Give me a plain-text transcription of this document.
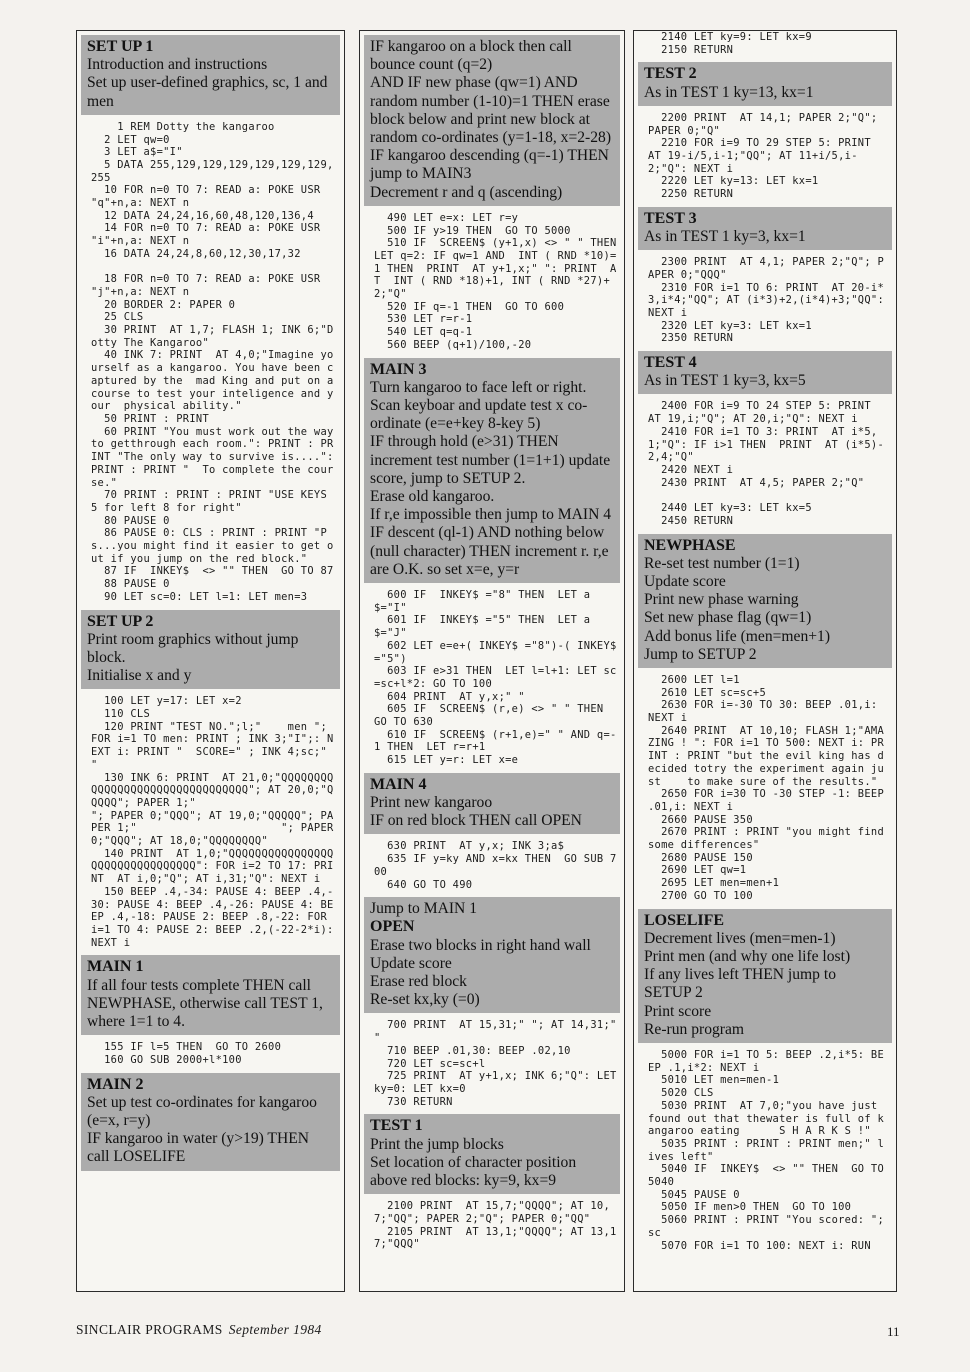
SET UP 1
Introduction and instructions
Set up user-defined graphics, sc, 1 and men
1 REM Dotty the kangaroo
2 LET qw=0
3 LET a$="I"
5 DATA 255,129,129,129,129,129,129,255
10 FOR n=0 TO 7: READ a: POKE USR "q"+n,a: NEXT n
12 DATA 24,24,16,60,48,120,136,4
14 FOR n=0 TO 7: READ a: POKE USR "i"+n,a: NEXT n
16 DATA 24,24,8,60,12,30,17,32

18 FOR n=0 TO 7: READ a: POKE USR "j"+n,a: NEXT n
20 BORDER 2: PAPER 0
25 CLS
30 PRINT  AT 1,7; FLASH 1; INK 6;"Dotty The Kangaroo"
40 INK 7: PRINT  AT 4,0;"Imagine yourself as a kangaroo. You have been captured by the  mad King and put on a course to test your inteligence and your  physical ability."
50 PRINT : PRINT
60 PRINT "You must work out the way to getthrough each room.": PRINT : PRINT "The only way to survive is....": PRINT : PRINT "  To complete the course."
70 PRINT : PRINT : PRINT "USE KEYS 5 for left 8 for right"
80 PAUSE 0
86 PAUSE 0: CLS : PRINT : PRINT "Ps...you might find it easier to get out if you jump on the red block."
87 IF  INKEY$  <> "" THEN  GO TO 87
88 PAUSE 0
90 LET sc=0: LET l=1: LET men=3
SET UP 2
Print room graphics without jump block.
Initialise x and y
100 LET y=17: LET x=2
110 CLS
120 PRINT "TEST NO.";l;"    men "; FOR i=1 TO men: PRINT ; INK 3;"I";: NEXT i: PRINT "  SCORE=" ; INK 4;sc;"  "
130 INK 6: PRINT  AT 21,0;"QQQQQQQQQQQQQQQQQQQQQQQQQQQQQQQQ"; AT 20,0;"QQQQQ"; PAPER 1;"                      "; PAPER 0;"QQQ"; AT 19,0;"QQQQQ"; PAPER 1;"                      "; PAPER 0;"QQQ"; AT 18,0;"QQQQQQQQ"
140 PRINT  AT 1,0;"QQQQQQQQQQQQQQQQQQQQQQQQQQQQQQQQ": FOR i=2 TO 17: PRINT  AT i,0;"Q"; AT i,31;"Q": NEXT i
150 BEEP .4,-34: PAUSE 4: BEEP .4,-30: PAUSE 4: BEEP .4,-26: PAUSE 4: BEEP .4,-18: PAUSE 2: BEEP .8,-22: FOR i=1 TO 4: PAUSE 2: BEEP .2,(-22-2*i): NEXT i
MAIN 1
If all four tests complete THEN call NEWPHASE, otherwise call TEST 1, where 1=1 to 4.
155 IF l=5 THEN  GO TO 2600
160 GO SUB 2000+l*100
MAIN 2
Set up test co-ordinates for kangaroo (e=x, r=y)
IF kangaroo in water (y>19) THEN call LOSELIFE
IF kangaroo on a block then call bounce count (q=2)
AND IF new phase (qw=1) AND random number (1-10)=1 THEN erase block below and print new block at random co-ordinates (y=1-18, x=2-28)
IF kangaroo descending (q=-1) THEN jump to MAIN3
Decrement r and q (ascending)
490 LET e=x: LET r=y
500 IF y>19 THEN  GO TO 5000
510 IF  SCREEN$ (y+1,x) <> " " THEN  LET q=2: IF qw=1 AND  INT ( RND *10)=1 THEN  PRINT  AT y+1,x;" ": PRINT  AT  INT ( RND *18)+1, INT ( RND *27)+2;"Q"
520 IF q=-1 THEN  GO TO 600
530 LET r=r-1
540 LET q=q-1
560 BEEP (q+1)/100,-20
MAIN 3
Turn kangaroo to face left or right.
Scan keyboar and update test x co-ordinate (e=e+key 8-key 5)
IF through hold (e>31) THEN increment test number (1=1+1) update score, jump to SETUP 2.
Erase old kangaroo.
If r,e impossible then jump to MAIN 4
IF descent (ql-1) AND nothing below (null character) THEN increment r. r,e are O.K. so set x=e, y=r
600 IF  INKEY$ ="8" THEN  LET a$="I"
601 IF  INKEY$ ="5" THEN  LET a$="J"
602 LET e=e+( INKEY$ ="8")-( INKEY$ ="5")
603 IF e>31 THEN  LET l=l+1: LET sc=sc+l*2: GO TO 100
604 PRINT  AT y,x;" "
605 IF  SCREEN$ (r,e) <> " " THEN  GO TO 630
610 IF  SCREEN$ (r+1,e)=" " AND q=-1 THEN  LET r=r+1
615 LET y=r: LET x=e
MAIN 4
Print new kangaroo
IF on red block THEN call OPEN
630 PRINT  AT y,x; INK 3;a$
635 IF y=ky AND x=kx THEN  GO SUB 700
640 GO TO 490
Jump to MAIN 1
OPEN
Erase two blocks in right hand wall
Update score
Erase red block
Re-set kx,ky (=0)
700 PRINT  AT 15,31;" "; AT 14,31;" "
710 BEEP .01,30: BEEP .02,10
720 LET sc=sc+l
725 PRINT  AT y+1,x; INK 6;"Q": LET ky=0: LET kx=0
730 RETURN
TEST 1
Print the jump blocks
Set location of character position above red blocks: ky=9, kx=9
2100 PRINT  AT 15,7;"QQQQ"; AT 10,7;"QQ"; PAPER 2;"Q"; PAPER 0;"QQ"
2105 PRINT  AT 13,1;"QQQQ"; AT 13,17;"QQQ"
2140 LET ky=9: LET kx=9
2150 RETURN
TEST 2
As in TEST 1 ky=13, kx=1
2200 PRINT  AT 14,1; PAPER 2;"Q"; PAPER 0;"Q"
2210 FOR i=9 TO 29 STEP 5: PRINT  AT 19-i/5,i-1;"QQ"; AT 11+i/5,i-2;"Q": NEXT i
2220 LET ky=13: LET kx=1
2250 RETURN
TEST 3
As in TEST 1 ky=3, kx=1
2300 PRINT  AT 4,1; PAPER 2;"Q"; PAPER 0;"QQQ"
2310 FOR i=1 TO 6: PRINT  AT 20-i*3,i*4;"QQ"; AT (i*3)+2,(i*4)+3;"QQ": NEXT i
2320 LET ky=3: LET kx=1
2350 RETURN
TEST 4
As in TEST 1 ky=3, kx=5
2400 FOR i=9 TO 24 STEP 5: PRINT  AT 19,i;"Q"; AT 20,i;"Q": NEXT i
2410 FOR i=1 TO 3: PRINT  AT i*5,1;"Q": IF i>1 THEN  PRINT  AT (i*5)-2,4;"Q"
2420 NEXT i
2430 PRINT  AT 4,5; PAPER 2;"Q"

2440 LET ky=3: LET kx=5
2450 RETURN
NEWPHASE
Re-set test number (1=1)
Update score
Print new phase warning
Set new phase flag (qw=1)
Add bonus life (men=men+1)
Jump to SETUP 2
2600 LET l=1
2610 LET sc=sc+5
2630 FOR i=-30 TO 30: BEEP .01,i: NEXT i
2640 PRINT  AT 10,10; FLASH 1;"AMAZING ! ": FOR i=1 TO 500: NEXT i: PRINT : PRINT "but the evil king has decided totry the experiment again just    to make sure of the results."
2650 FOR i=30 TO -30 STEP -1: BEEP .01,i: NEXT i
2660 PAUSE 350
2670 PRINT : PRINT "you might find some differences"
2680 PAUSE 150
2690 LET qw=1
2695 LET men=men+1
2700 GO TO 100
LOSELIFE
Decrement lives (men=men-1)
Print men (and why one life lost)
If any lives left THEN jump to SETUP 2
Print score
Re-run program
5000 FOR i=1 TO 5: BEEP .2,i*5: BEEP .1,i*2: NEXT i
5010 LET men=men-1
5020 CLS
5030 PRINT  AT 7,0;"you have just found out that thewater is full of kangaroo eating      S H A R K S !"
5035 PRINT : PRINT : PRINT men;" lives left"
5040 IF  INKEY$  <> "" THEN  GO TO 5040
5045 PAUSE 0
5050 IF men>0 THEN  GO TO 100
5060 PRINT : PRINT "You scored: ";sc
5070 FOR i=1 TO 100: NEXT i: RUN
SINCLAIR PROGRAMS September 1984	11
